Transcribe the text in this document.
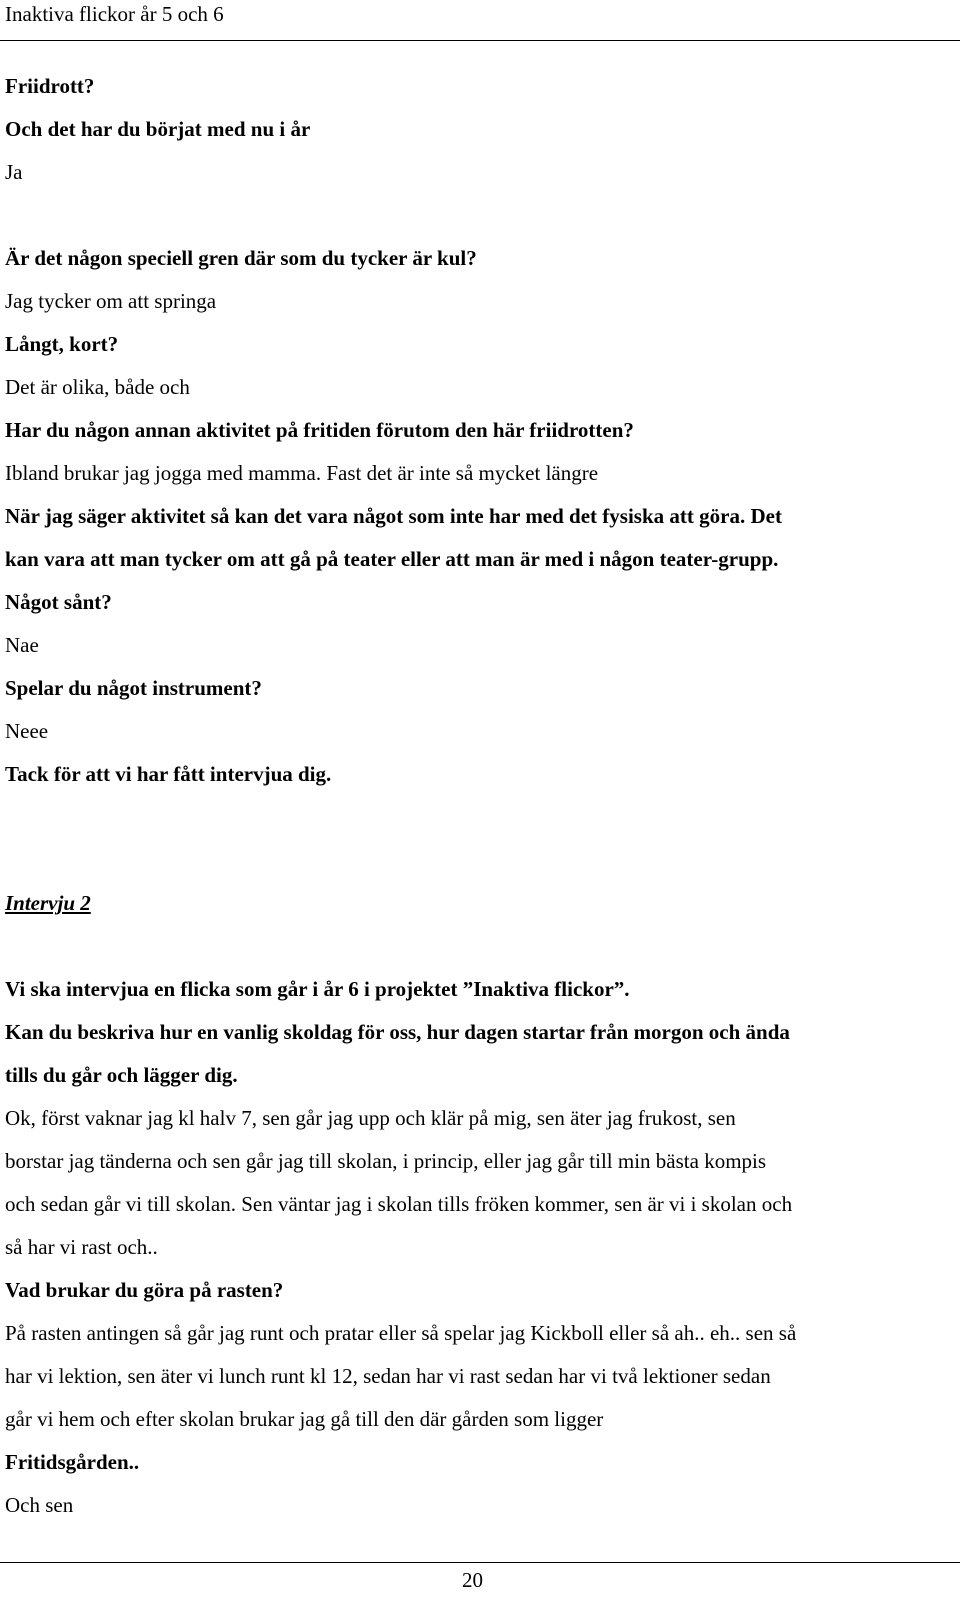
Inaktiva flickor år 5 och 6
Friidrott?
Och det har du börjat med nu i år
Ja
Är det någon speciell gren där som du tycker är kul?
Jag tycker om att springa
Långt, kort?
Det är olika, både och
Har du någon annan aktivitet på fritiden förutom den här friidrotten?
Ibland brukar jag jogga med mamma. Fast det är inte så mycket längre
När jag säger aktivitet så kan det vara något som inte har med det fysiska att göra. Det
kan vara att man tycker om att gå på teater eller att man är med i någon teater-grupp.
Något sånt?
Nae
Spelar du något instrument?
Neee
Tack för att vi har fått intervjua dig.
Intervju 2
Vi ska intervjua en flicka som går i år 6 i projektet ”Inaktiva flickor”.
Kan du beskriva hur en vanlig skoldag för oss, hur dagen startar från morgon och ända
tills du går och lägger dig.
Ok, först vaknar jag kl halv 7, sen går jag upp och klär på mig, sen äter jag frukost, sen
borstar jag tänderna och sen går jag till skolan, i princip, eller jag går till min bästa kompis
och sedan går vi till skolan. Sen väntar jag i skolan tills fröken kommer, sen är vi i skolan och
så har vi rast och..
Vad brukar du göra på rasten?
På rasten antingen så går jag runt och pratar eller så spelar jag Kickboll eller så ah.. eh.. sen så
har vi lektion, sen äter vi lunch runt kl 12, sedan har vi rast sedan har vi två lektioner sedan
går vi hem och efter skolan brukar jag gå till den där gården som ligger
Fritidsgården..
Och sen
20
